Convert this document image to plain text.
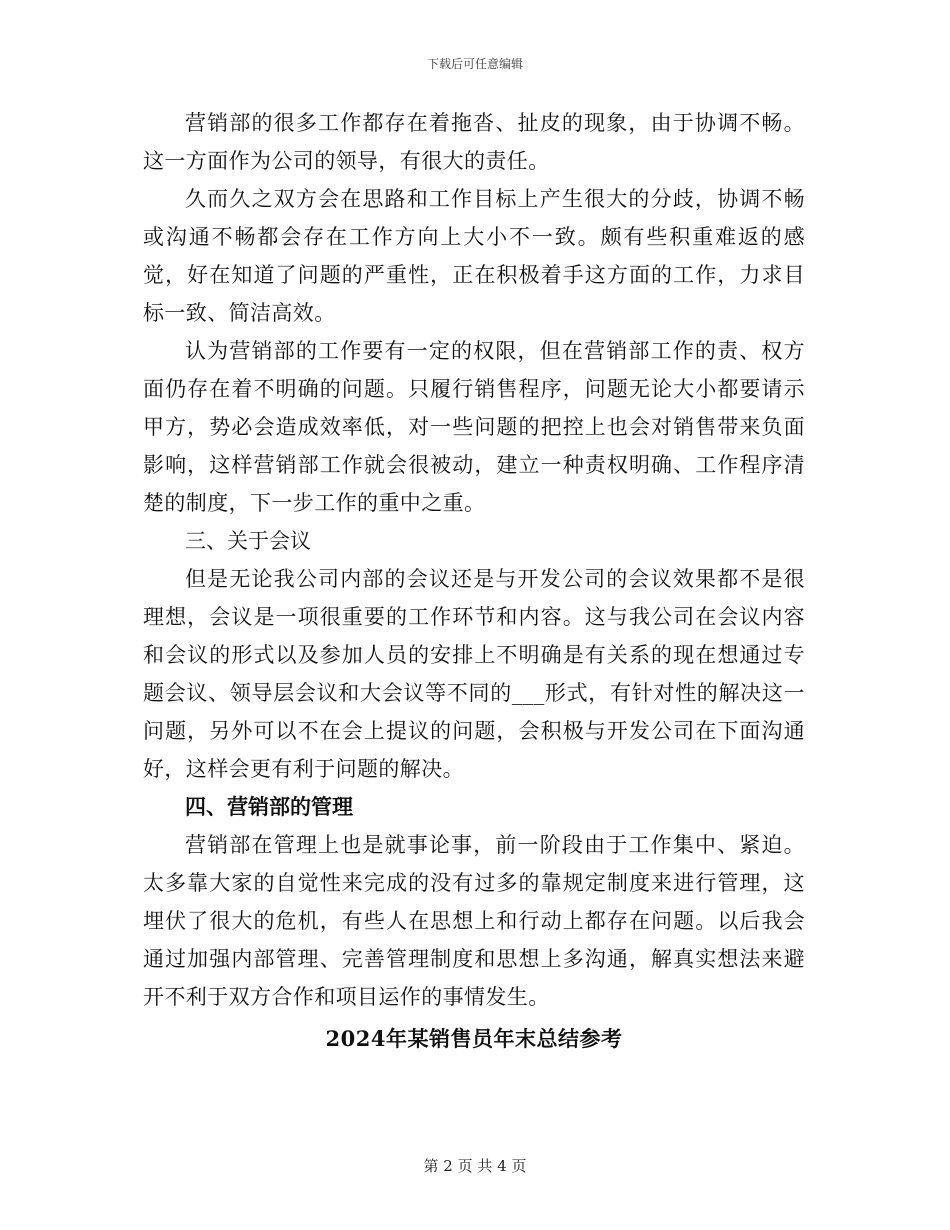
下载后可任意编辑

营销部的很多工作都存在着拖沓、扯皮的现象，由于协调不畅。这一方面作为公司的领导，有很大的责任。

久而久之双方会在思路和工作目标上产生很大的分歧，协调不畅或沟通不畅都会存在工作方向上大小不一致。颇有些积重难返的感觉，好在知道了问题的严重性，正在积极着手这方面的工作，力求目标一致、简洁高效。

认为营销部的工作要有一定的权限，但在营销部工作的责、权方面仍存在着不明确的问题。只履行销售程序，问题无论大小都要请示甲方，势必会造成效率低，对一些问题的把控上也会对销售带来负面影响，这样营销部工作就会很被动，建立一种责权明确、工作程序清楚的制度，下一步工作的重中之重。

三、关于会议

但是无论我公司内部的会议还是与开发公司的会议效果都不是很理想，会议是一项很重要的工作环节和内容。这与我公司在会议内容和会议的形式以及参加人员的安排上不明确是有关系的现在想通过专题会议、领导层会议和大会议等不同的___形式，有针对性的解决这一问题，另外可以不在会上提议的问题，会积极与开发公司在下面沟通好，这样会更有利于问题的解决。

四、营销部的管理

营销部在管理上也是就事论事，前一阶段由于工作集中、紧迫。太多靠大家的自觉性来完成的没有过多的靠规定制度来进行管理，这埋伏了很大的危机，有些人在思想上和行动上都存在问题。以后我会通过加强内部管理、完善管理制度和思想上多沟通，解真实想法来避开不利于双方合作和项目运作的事情发生。

2024年某销售员年末总结参考

第 2 页 共 4 页
